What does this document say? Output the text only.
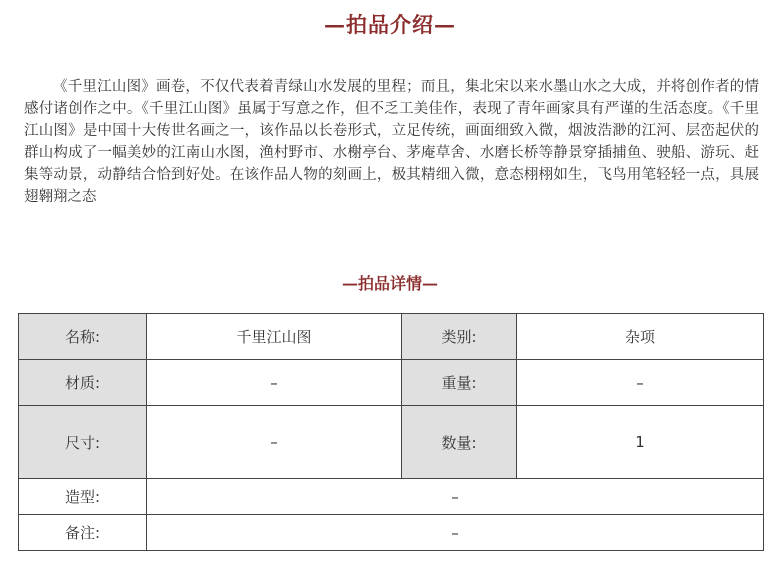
—拍品介绍—

《千里江山图》画卷，不仅代表着青绿山水发展的里程；而且，集北宋以来水墨山水之大成，并将创作者的情感付诸创作之中。《千里江山图》虽属于写意之作，但不乏工美佳作，表现了青年画家具有严谨的生活态度。《千里江山图》是中国十大传世名画之一，该作品以长卷形式，立足传统，画面细致入微，烟波浩渺的江河、层峦起伏的群山构成了一幅美妙的江南山水图，渔村野市、水榭亭台、茅庵草舍、水磨长桥等静景穿插捕鱼、驶船、游玩、赶集等动景，动静结合恰到好处。在该作品人物的刻画上，极其精细入微，意态栩栩如生，飞鸟用笔轻轻一点，具展翅翱翔之态

—拍品详情—
名称:	千里江山图	类别:	杂项
材质:	–	重量:	–
尺寸:	–	数量:	1
造型:	–		
备注:	–		
